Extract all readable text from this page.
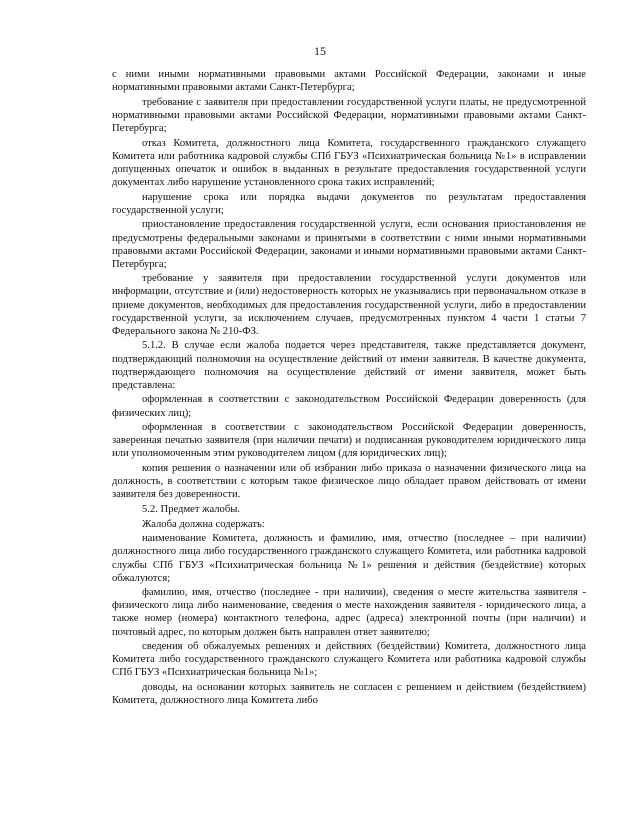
15

с ними иными нормативными правовыми актами Российской Федерации, законами и иные нормативными правовыми актами Санкт-Петербурга;

требование с заявителя при предоставлении государственной услуги платы, не предусмотренной нормативными правовыми актами Российской Федерации, нормативными правовыми актами Санкт-Петербурга;

отказ Комитета, должностного лица Комитета, государственного гражданского служащего Комитета или работника кадровой службы СПб ГБУЗ «Психиатрическая больница №1» в исправлении допущенных опечаток и ошибок в выданных в результате предоставления государственной услуги документах либо нарушение установленного срока таких исправлений;

нарушение срока или порядка выдачи документов по результатам предоставления государственной услуги;

приостановление предоставления государственной услуги, если основания приостановления не предусмотрены федеральными законами и принятыми в соответствии с ними иными нормативными правовыми актами Российской Федерации, законами и иными нормативными правовыми актами Санкт-Петербурга;

требование у заявителя при предоставлении государственной услуги документов или информации, отсутствие и (или) недостоверность которых не указывались при первоначальном отказе в приеме документов, необходимых для предоставления государственной услуги, либо в предоставлении государственной услуги, за исключением случаев, предусмотренных пунктом 4 части 1 статьи 7 Федерального закона № 210-ФЗ.

5.1.2. В случае если жалоба подается через представителя, также представляется документ, подтверждающий полномочия на осуществление действий от имени заявителя. В качестве документа, подтверждающего полномочия на осуществление действий от имени заявителя, может быть представлена:

оформленная в соответствии с законодательством Российской Федерации доверенность (для физических лиц);

оформленная в соответствии с законодательством Российской Федерации доверенность, заверенная печатью заявителя (при наличии печати) и подписанная руководителем юридического лица или уполномоченным этим руководителем лицом (для юридических лиц);

копия решения о назначении или об избрании либо приказа о назначении физического лица на должность, в соответствии с которым такое физическое лицо обладает правом действовать от имени заявителя без доверенности.

5.2. Предмет жалобы.

Жалоба должна содержать:

наименование Комитета, должность и фамилию, имя, отчество (последнее – при наличии) должностного лица либо государственного гражданского служащего Комитета, или работника кадровой службы СПб ГБУЗ «Психиатрическая больница №1» решения и действия (бездействие) которых обжалуются;

фамилию, имя, отчество (последнее - при наличии), сведения о месте жительства заявителя - физического лица либо наименование, сведения о месте нахождения заявителя - юридического лица, а также номер (номера) контактного телефона, адрес (адреса) электронной почты (при наличии) и почтовый адрес, по которым должен быть направлен ответ заявителю;

сведения об обжалуемых решениях и действиях (бездействии) Комитета, должностного лица Комитета либо государственного гражданского служащего Комитета или работника кадровой службы СПб ГБУЗ «Психиатрическая больница №1»;

доводы, на основании которых заявитель не согласен с решением и действием (бездействием) Комитета, должностного лица Комитета либо
